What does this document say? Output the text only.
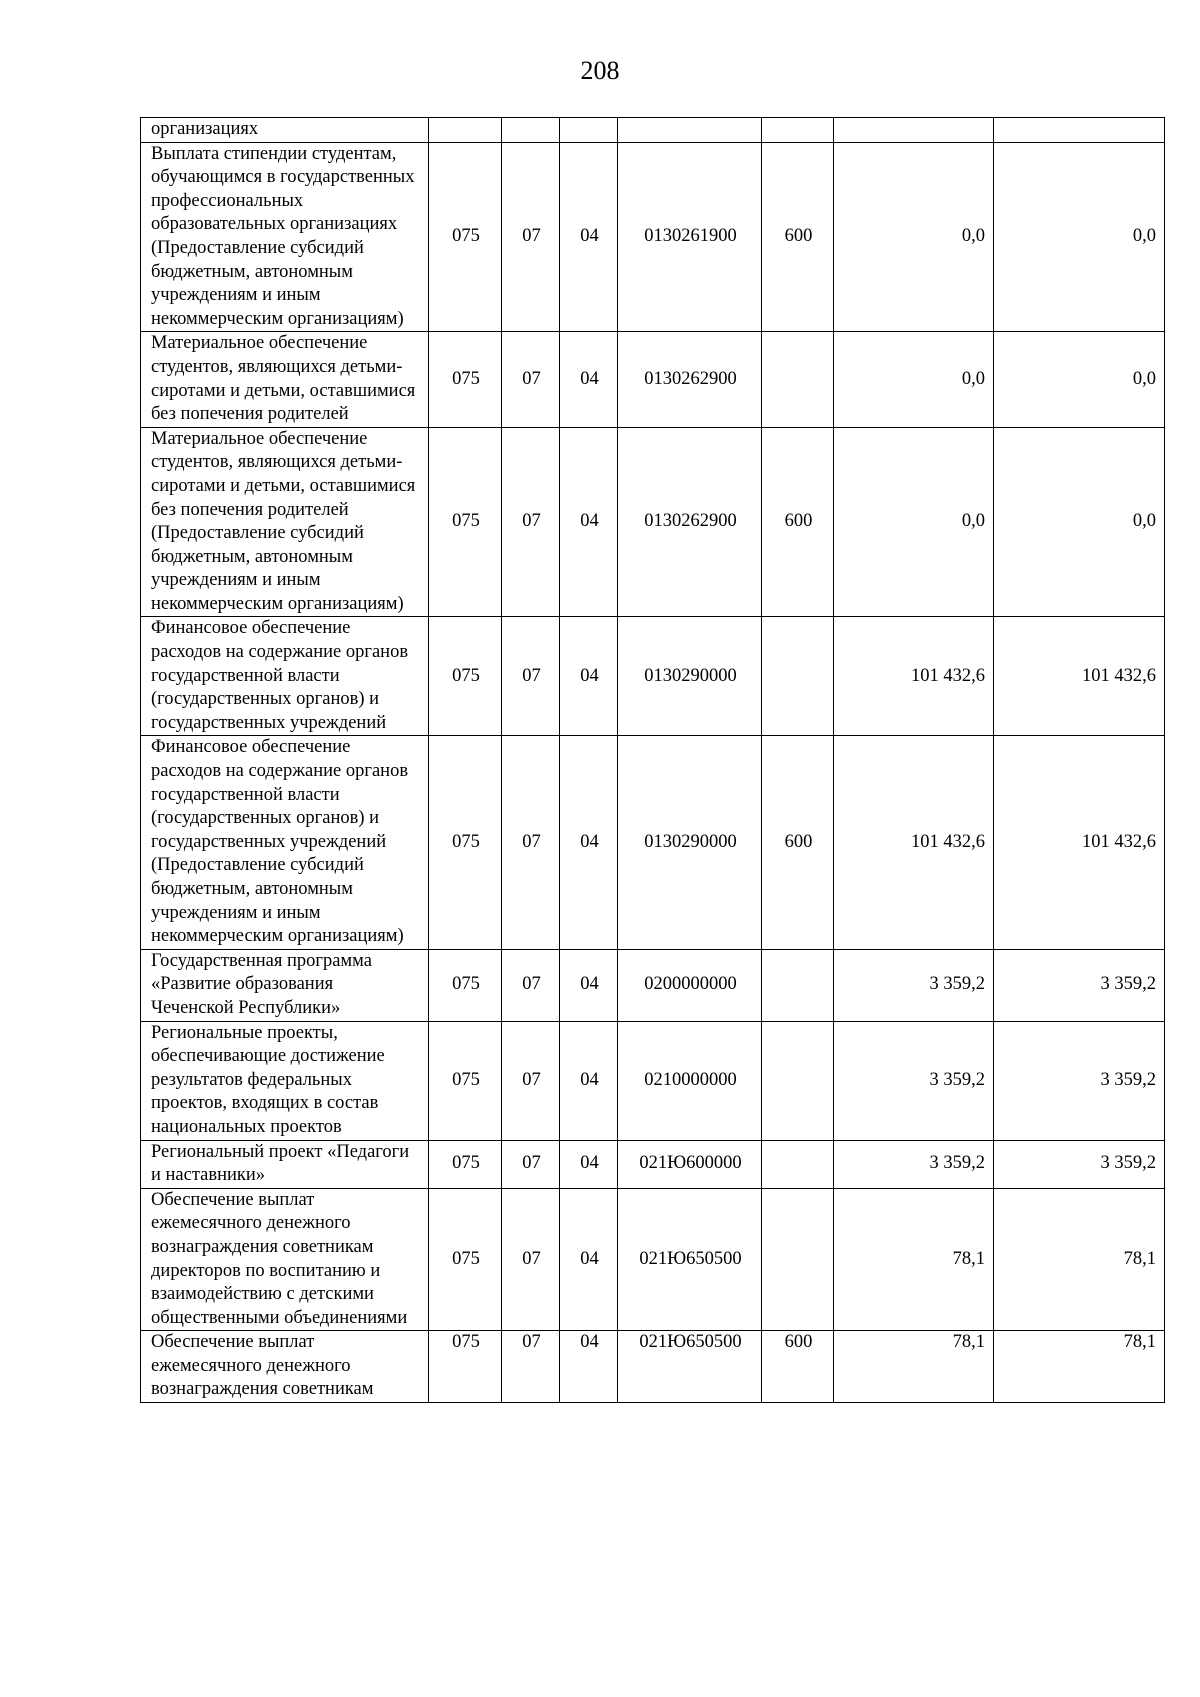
208
организациях							
Выплата стипендии студентам, обучающимся в государственных профессиональных образовательных организациях (Предоставление субсидий бюджетным, автономным учреждениям и иным некоммерческим организациям)	075	07	04	0130261900	600	0,0	0,0
Материальное обеспечение студентов, являющихся детьми-сиротами и детьми, оставшимися без попечения родителей	075	07	04	0130262900		0,0	0,0
Материальное обеспечение студентов, являющихся детьми-сиротами и детьми, оставшимися без попечения родителей (Предоставление субсидий бюджетным, автономным учреждениям и иным некоммерческим организациям)	075	07	04	0130262900	600	0,0	0,0
Финансовое обеспечение расходов на содержание органов государственной власти (государственных органов) и государственных учреждений	075	07	04	0130290000		101 432,6	101 432,6
Финансовое обеспечение расходов на содержание органов государственной власти (государственных органов) и государственных учреждений (Предоставление субсидий бюджетным, автономным учреждениям и иным некоммерческим организациям)	075	07	04	0130290000	600	101 432,6	101 432,6
Государственная программа «Развитие образования Чеченской Республики»	075	07	04	0200000000		3 359,2	3 359,2
Региональные проекты, обеспечивающие достижение результатов федеральных проектов, входящих в состав национальных проектов	075	07	04	0210000000		3 359,2	3 359,2
Региональный проект «Педагоги и наставники»	075	07	04	021Ю600000		3 359,2	3 359,2
Обеспечение выплат ежемесячного денежного вознаграждения советникам директоров по воспитанию и взаимодействию с детскими общественными объединениями	075	07	04	021Ю650500		78,1	78,1
Обеспечение выплат ежемесячного денежного вознаграждения советникам	075	07	04	021Ю650500	600	78,1	78,1
